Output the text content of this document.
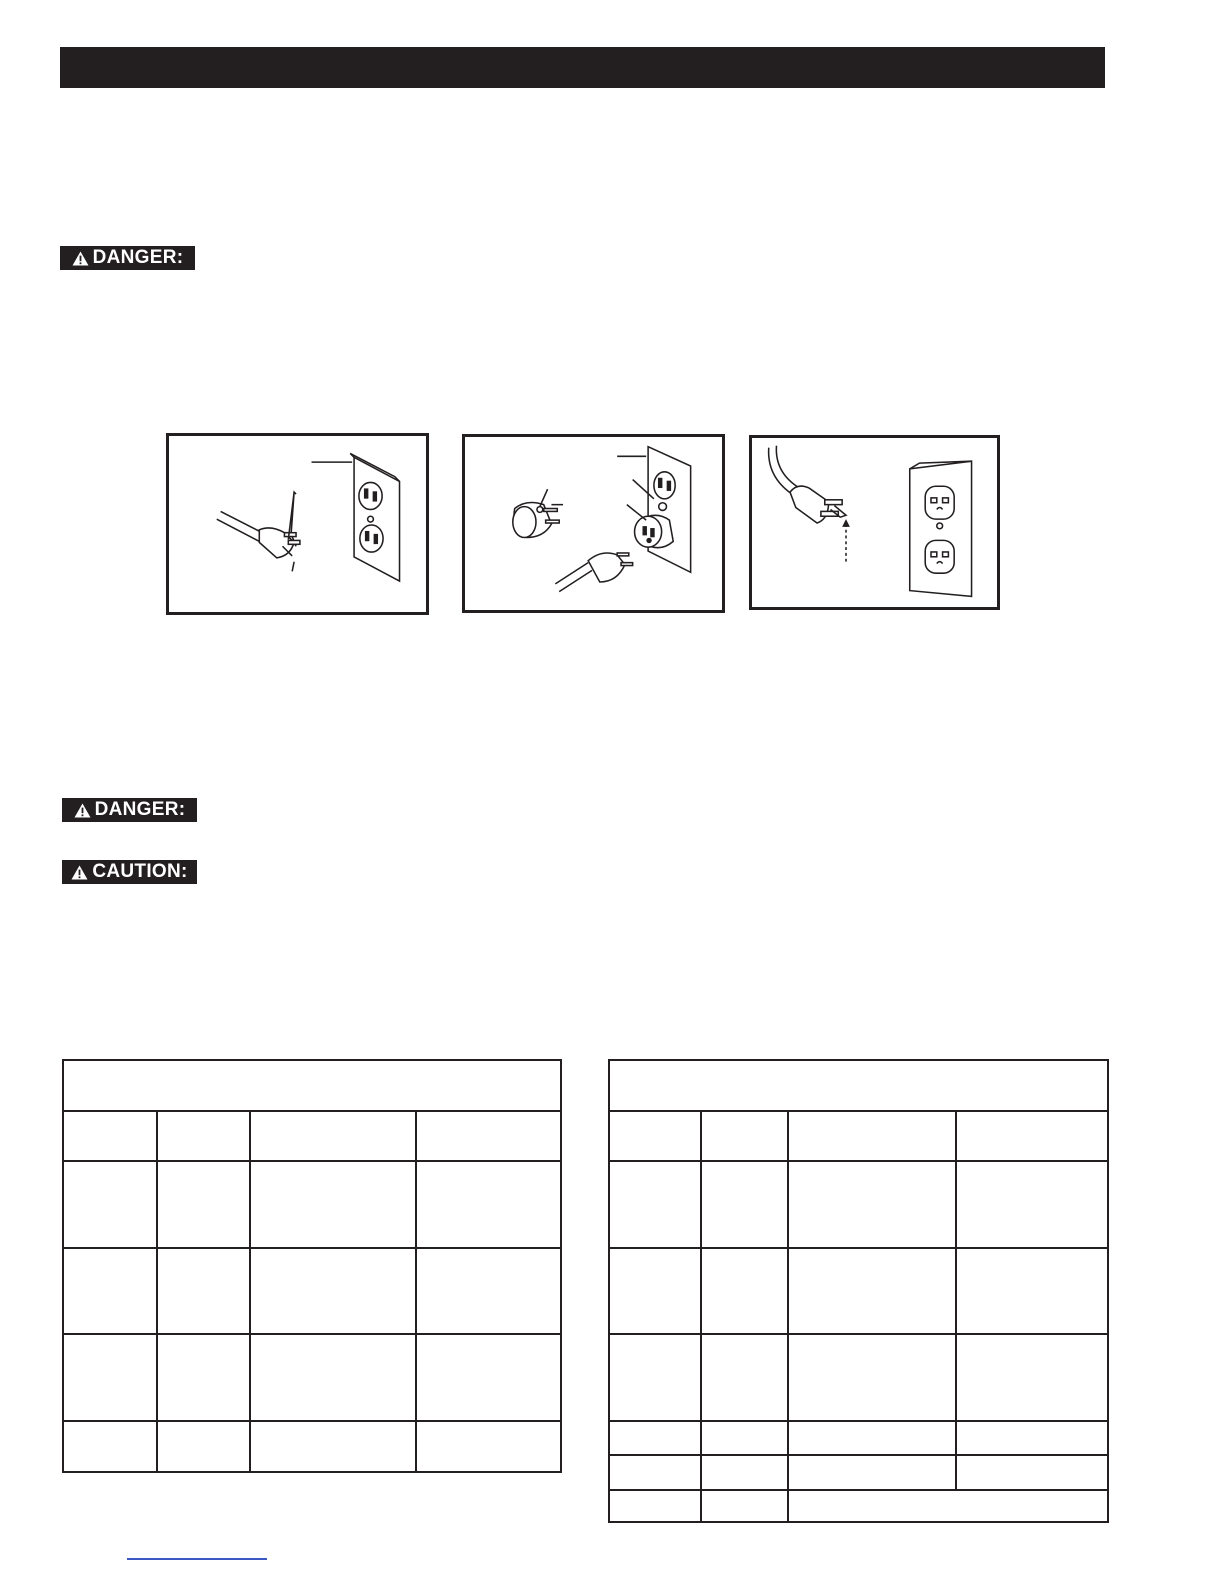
DANGER:
DANGER:
CAUTION:
